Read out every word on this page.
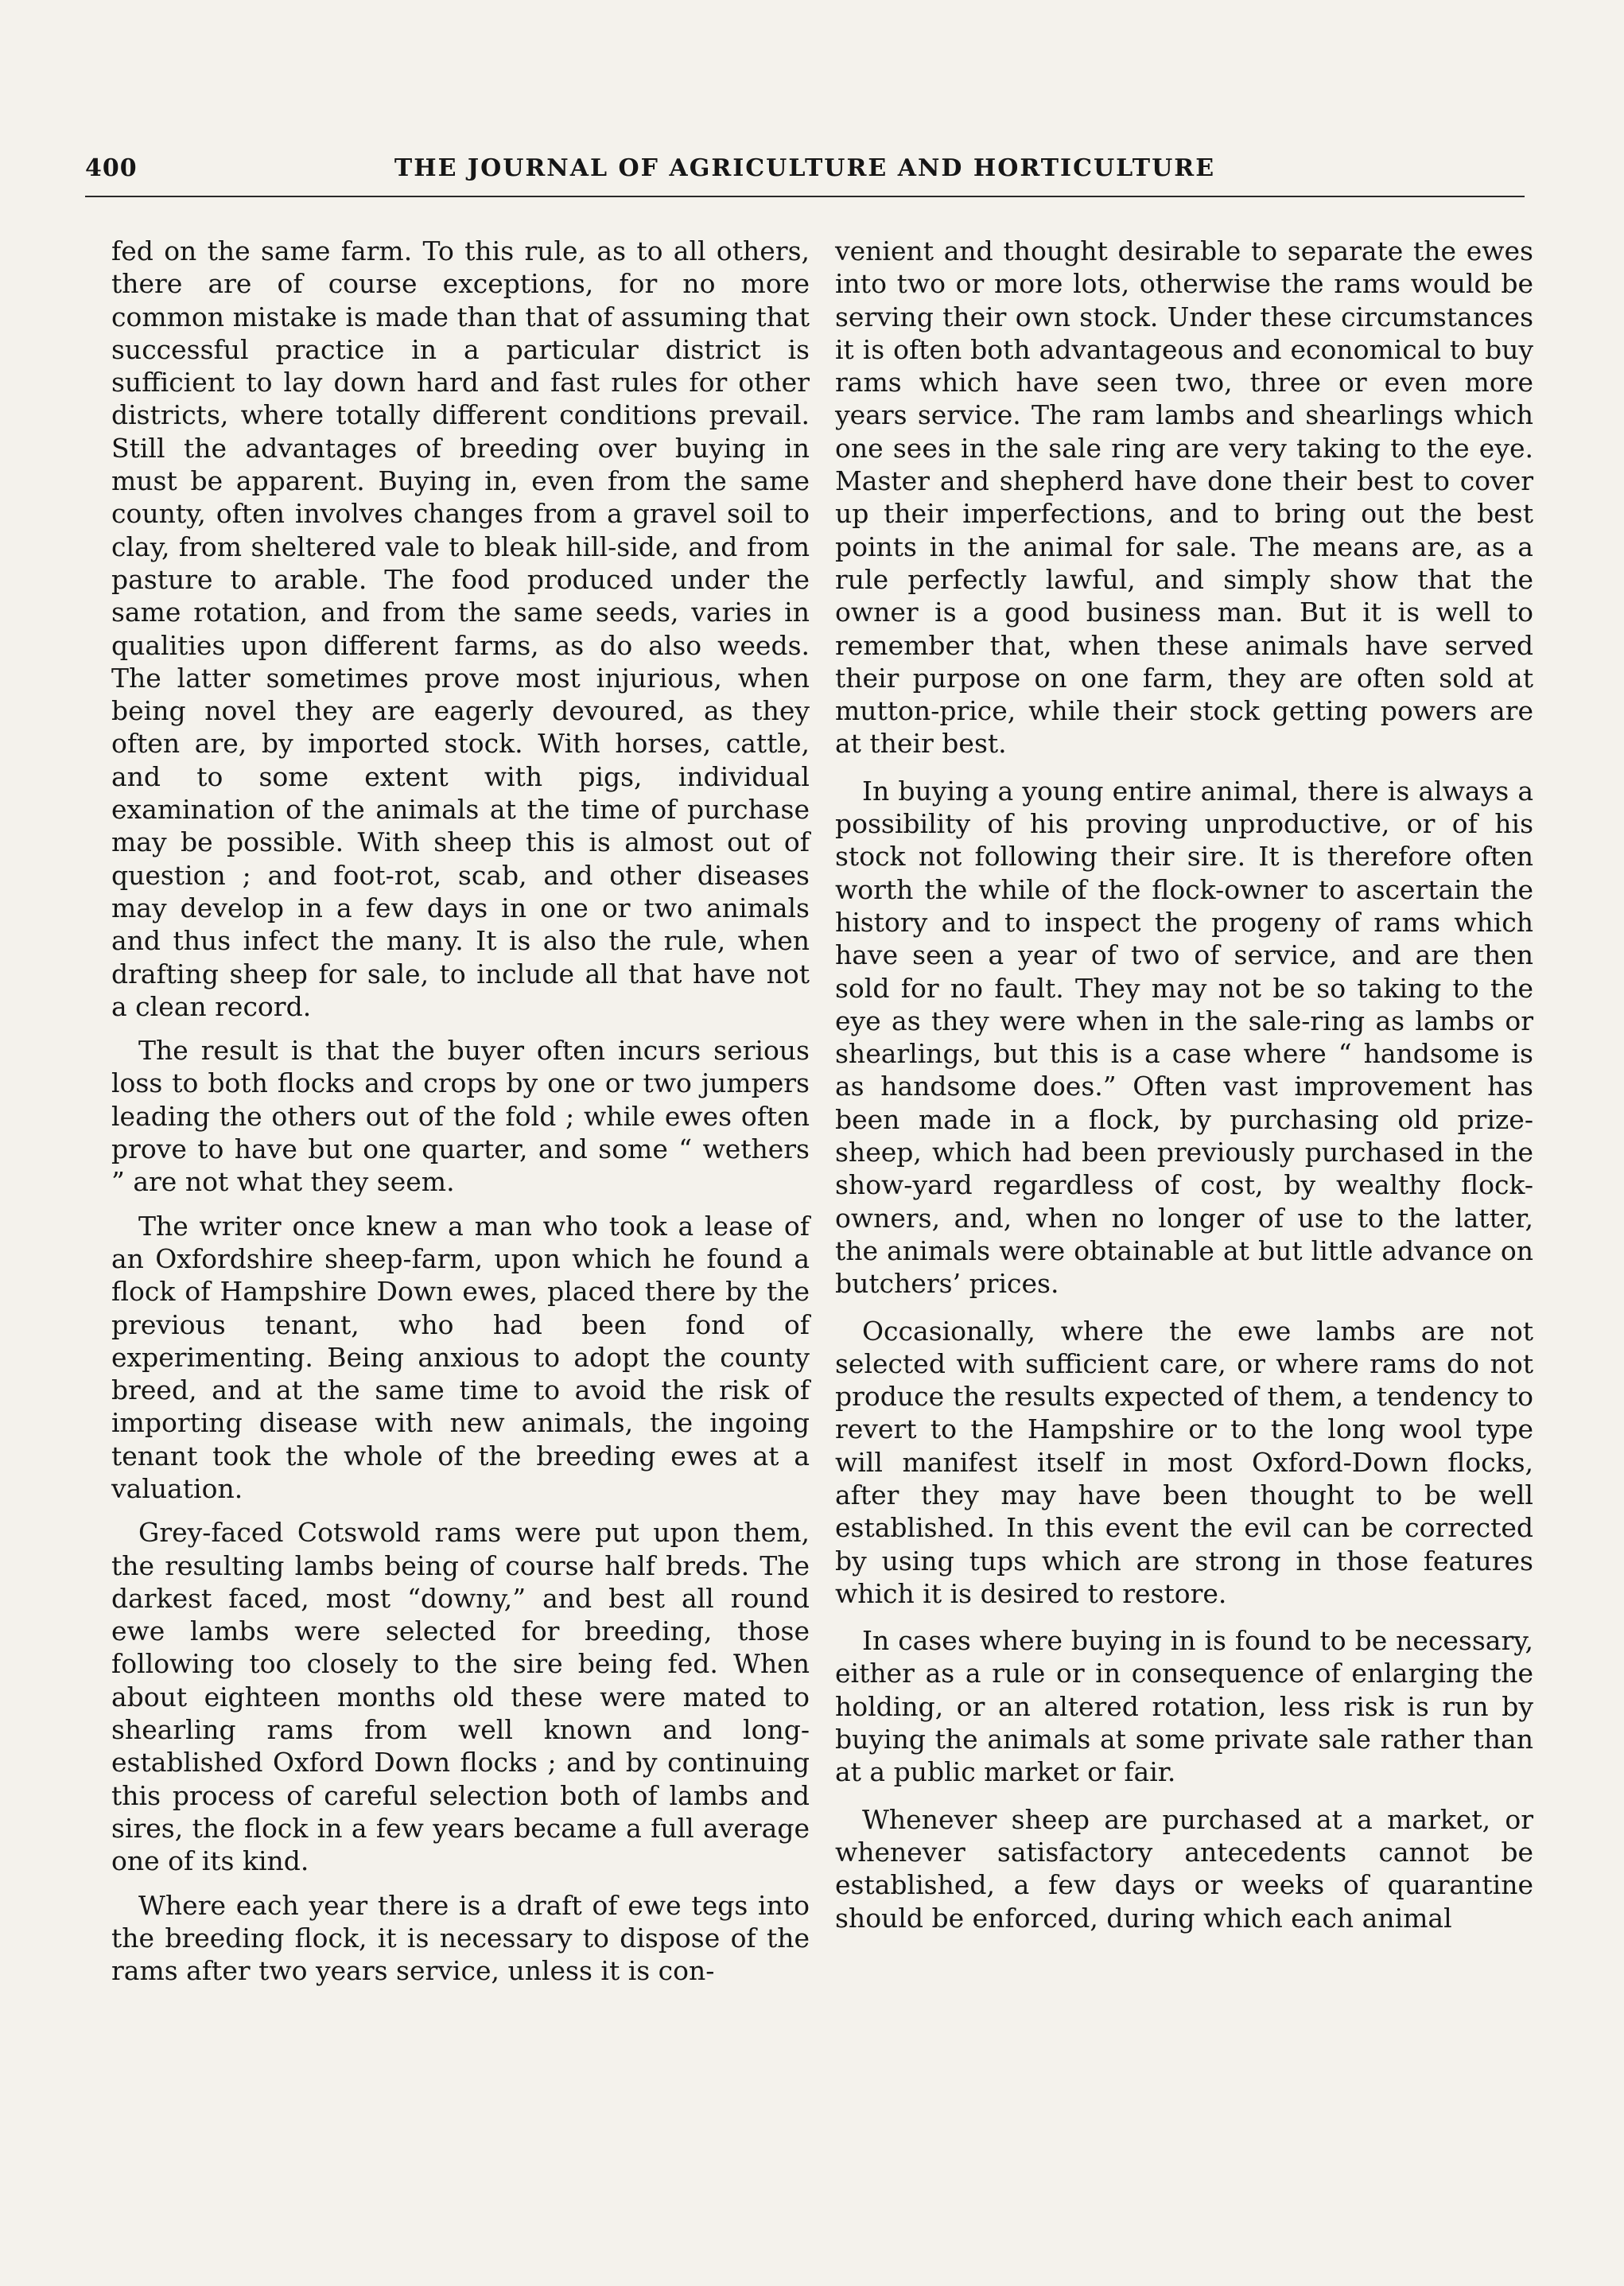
400	THE JOURNAL OF AGRICULTURE AND HORTICULTURE

fed on the same farm. To this rule, as to all others, there are of course exceptions, for no more common mistake is made than that of assuming that successful practice in a particular district is sufficient to lay down hard and fast rules for other districts, where totally different conditions prevail. Still the advantages of breeding over buying in must be apparent. Buying in, even from the same county, often involves changes from a gravel soil to clay, from sheltered vale to bleak hill-side, and from pasture to arable. The food produced under the same rotation, and from the same seeds, varies in qualities upon different farms, as do also weeds. The latter sometimes prove most injurious, when being novel they are eagerly devoured, as they often are, by imported stock. With horses, cattle, and to some extent with pigs, individual examination of the animals at the time of purchase may be possible. With sheep this is almost out of question ; and foot-rot, scab, and other diseases may develop in a few days in one or two animals and thus infect the many. It is also the rule, when drafting sheep for sale, to include all that have not a clean record.

The result is that the buyer often incurs serious loss to both flocks and crops by one or two jumpers leading the others out of the fold ; while ewes often prove to have but one quarter, and some “ wethers ” are not what they seem.

The writer once knew a man who took a lease of an Oxfordshire sheep-farm, upon which he found a flock of Hampshire Down ewes, placed there by the previous tenant, who had been fond of experimenting. Being anxious to adopt the county breed, and at the same time to avoid the risk of importing disease with new animals, the ingoing tenant took the whole of the breeding ewes at a valuation.

Grey-faced Cotswold rams were put upon them, the resulting lambs being of course half breds. The darkest faced, most “downy,” and best all round ewe lambs were selected for breeding, those following too closely to the sire being fed. When about eighteen months old these were mated to shearling rams from well known and long-established Oxford Down flocks ; and by continuing this process of careful selection both of lambs and sires, the flock in a few years became a full average one of its kind.

Where each year there is a draft of ewe tegs into the breeding flock, it is necessary to dispose of the rams after two years service, unless it is con-

venient and thought desirable to separate the ewes into two or more lots, otherwise the rams would be serving their own stock. Under these circumstances it is often both advantageous and economical to buy rams which have seen two, three or even more years service. The ram lambs and shearlings which one sees in the sale ring are very taking to the eye. Master and shepherd have done their best to cover up their imperfections, and to bring out the best points in the animal for sale. The means are, as a rule perfectly lawful, and simply show that the owner is a good business man. But it is well to remember that, when these animals have served their purpose on one farm, they are often sold at mutton-price, while their stock getting powers are at their best.

In buying a young entire animal, there is always a possibility of his proving unproductive, or of his stock not following their sire. It is therefore often worth the while of the flock-owner to ascertain the history and to inspect the progeny of rams which have seen a year of two of service, and are then sold for no fault. They may not be so taking to the eye as they were when in the sale-ring as lambs or shearlings, but this is a case where “ handsome is as handsome does.” Often vast improvement has been made in a flock, by purchasing old prize-sheep, which had been previously purchased in the show-yard regardless of cost, by wealthy flock-owners, and, when no longer of use to the latter, the animals were obtainable at but little advance on butchers’ prices.

Occasionally, where the ewe lambs are not selected with sufficient care, or where rams do not produce the results expected of them, a tendency to revert to the Hampshire or to the long wool type will manifest itself in most Oxford-Down flocks, after they may have been thought to be well established. In this event the evil can be corrected by using tups which are strong in those features which it is desired to restore.

In cases where buying in is found to be necessary, either as a rule or in consequence of enlarging the holding, or an altered rotation, less risk is run by buying the animals at some private sale rather than at a public market or fair.

Whenever sheep are purchased at a market, or whenever satisfactory antecedents cannot be established, a few days or weeks of quarantine should be enforced, during which each animal
